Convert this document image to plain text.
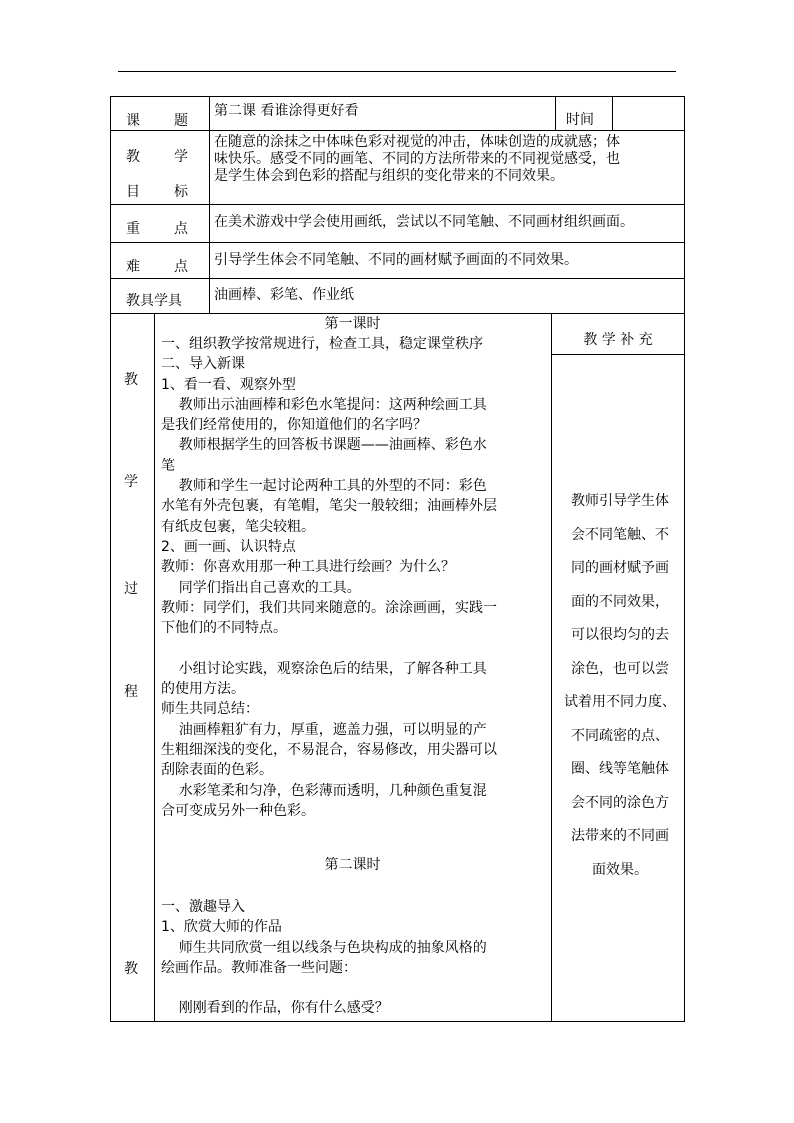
课 题
第二课 看谁涂得更好看
时间
教 学
目 标
在随意的涂抹之中体味色彩对视觉的冲击，体味创造的成就感；体
味快乐。感受不同的画笔、不同的方法所带来的不同视觉感受，也
是学生体会到色彩的搭配与组织的变化带来的不同效果。
重 点 在美术游戏中学会使用画纸，尝试以不同笔触、不同画材组织画面。
难 点 引导学生体会不同笔触、不同的画材赋予画面的不同效果。
教具学具 油画棒、彩笔、作业纸
教
学
过
程
教
教 学 补 充
教师引导学生体
会不同笔触、不
同的画材赋予画
面的不同效果，
可以很均匀的去
涂色，也可以尝
试着用不同力度、
不同疏密的点、
圈、线等笔触体
会不同的涂色方
法带来的不同画
面效果。
第一课时
一、组织教学按常规进行，检查工具，稳定课堂秩序
二、导入新课
1、看一看、观察外型
教师出示油画棒和彩色水笔提问：这两种绘画工具
是我们经常使用的，你知道他们的名字吗？
教师根据学生的回答板书课题——油画棒、彩色水
笔
教师和学生一起讨论两种工具的外型的不同：彩色
水笔有外壳包裹，有笔帽，笔尖一般较细；油画棒外层
有纸皮包裹，笔尖较粗。
2、画一画、认识特点
教师：你喜欢用那一种工具进行绘画？为什么？
同学们指出自己喜欢的工具。
教师：同学们，我们共同来随意的。涂涂画画，实践一
下他们的不同特点。
小组讨论实践，观察涂色后的结果，了解各种工具
的使用方法。
师生共同总结：
油画棒粗犷有力，厚重，遮盖力强，可以明显的产
生粗细深浅的变化，不易混合，容易修改，用尖器可以
刮除表面的色彩。
水彩笔柔和匀净，色彩薄而透明，几种颜色重复混
合可变成另外一种色彩。
第二课时
一、激趣导入
1、欣赏大师的作品
师生共同欣赏一组以线条与色块构成的抽象风格的
绘画作品。教师准备一些问题：
刚刚看到的作品，你有什么感受？
